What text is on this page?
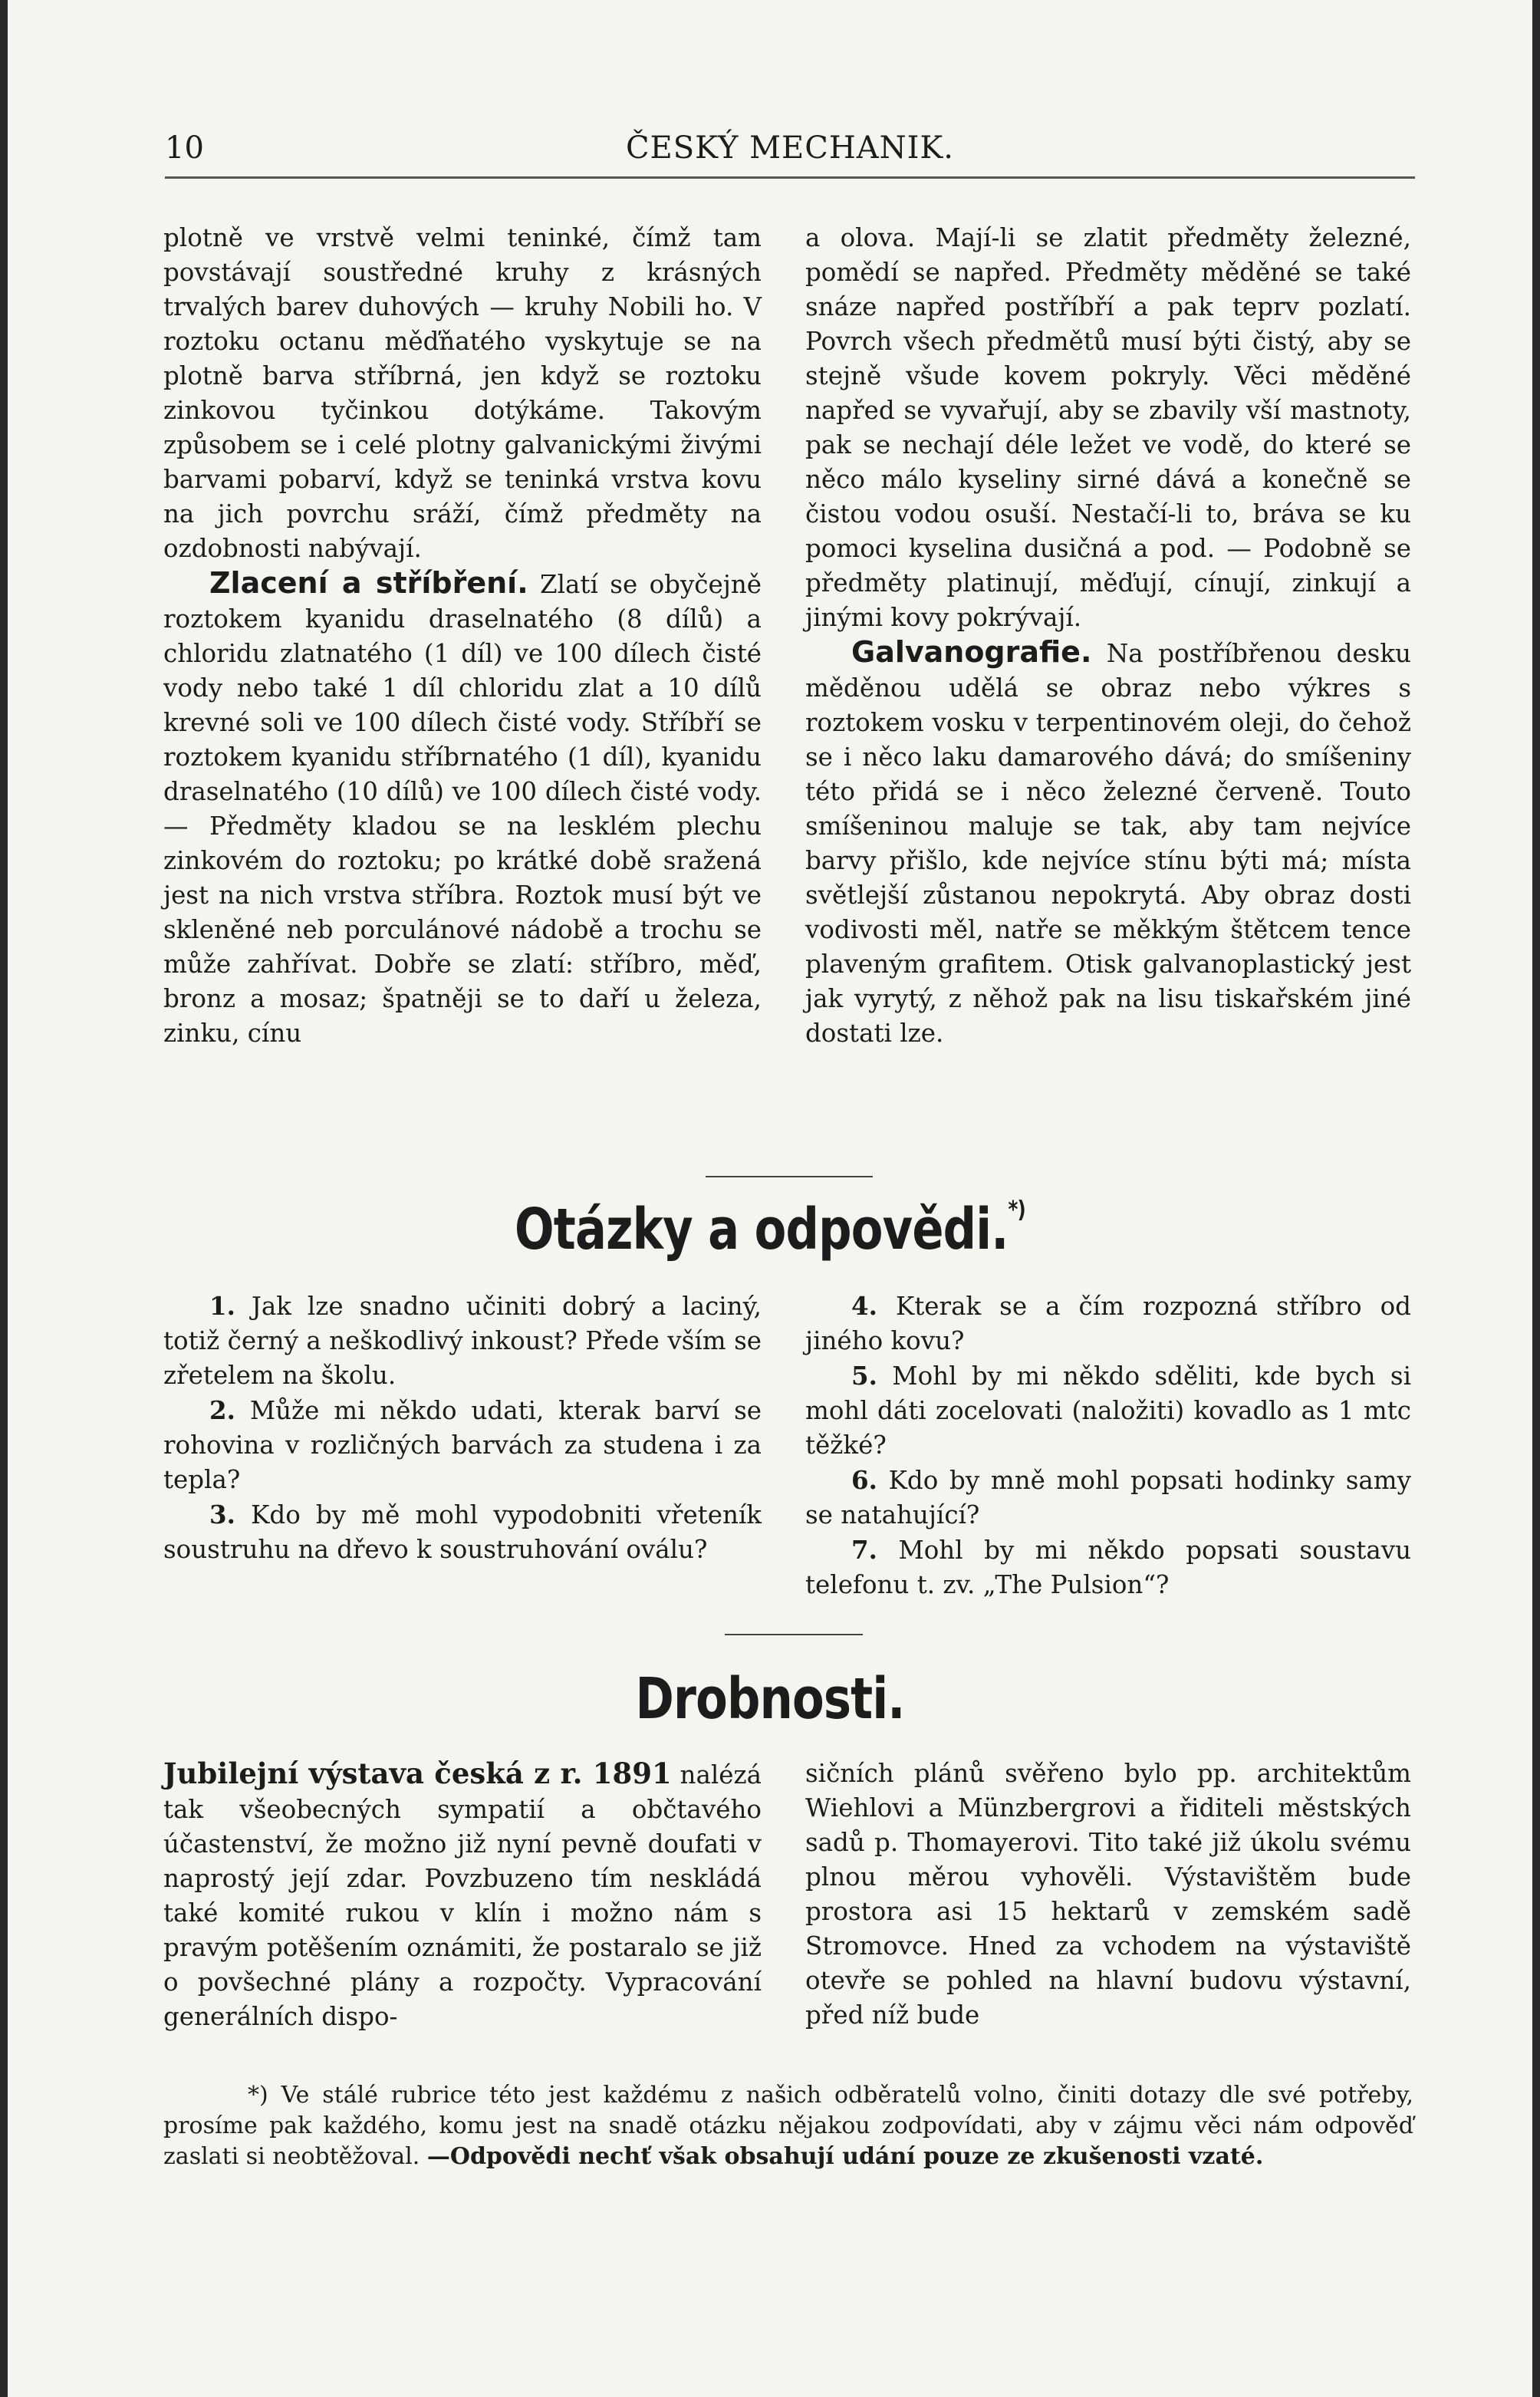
10	ČESKÝ MECHANIK.

plotně ve vrstvě velmi teninké, čímž tam povstávají soustředné kruhy z krásných trvalých barev duhových — kruhy Nobili ho. V roztoku octanu měďňatého vyskytuje se na plotně barva stříbrná, jen když se roztoku zinkovou tyčinkou dotýkáme. Takovým způsobem se i celé plotny galvanickými živými barvami pobarví, když se teninká vrstva kovu na jich povrchu sráží, čímž předměty na ozdobnosti nabývají.

Zlacení a stříbření. Zlatí se obyčejně roztokem kyanidu draselnatého (8 dílů) a chloridu zlatnatého (1 díl) ve 100 dílech čisté vody nebo také 1 díl chloridu zlat a 10 dílů krevné soli ve 100 dílech čisté vody. Stříbří se roztokem kyanidu stříbrnatého (1 díl), kyanidu draselnatého (10 dílů) ve 100 dílech čisté vody. — Předměty kladou se na lesklém plechu zinkovém do roztoku; po krátké době sražená jest na nich vrstva stříbra. Roztok musí být ve skleněné neb porculánové nádobě a trochu se může zahřívat. Dobře se zlatí: stříbro, měď, bronz a mosaz; špatněji se to daří u železa, zinku, cínu

a olova. Mají-li se zlatit předměty železné, pomědí se napřed. Předměty měděné se také snáze napřed postříbří a pak teprv pozlatí. Povrch všech předmětů musí býti čistý, aby se stejně všude kovem pokryly. Věci měděné napřed se vyvařují, aby se zbavily vší mastnoty, pak se nechají déle ležet ve vodě, do které se něco málo kyseliny sirné dává a konečně se čistou vodou osuší. Nestačí-li to, bráva se ku pomoci kyselina dusičná a pod. — Podobně se předměty platinují, měďují, cínují, zinkují a jinými kovy pokrývají.

Galvanografie. Na postříbřenou desku měděnou udělá se obraz nebo výkres s roztokem vosku v terpentinovém oleji, do čehož se i něco laku damarového dává; do smíšeniny této přidá se i něco železné červeně. Touto smíšeninou maluje se tak, aby tam nejvíce barvy přišlo, kde nejvíce stínu býti má; místa světlejší zůstanou nepokrytá. Aby obraz dosti vodivosti měl, natře se měkkým štětcem tence plaveným grafitem. Otisk galvanoplastický jest jak vyrytý, z něhož pak na lisu tiskařském jiné dostati lze.

Otázky a odpovědi.*)

1. Jak lze snadno učiniti dobrý a laciný, totiž černý a neškodlivý inkoust? Přede vším se zřetelem na školu.

2. Může mi někdo udati, kterak barví se rohovina v rozličných barvách za studena i za tepla?

3. Kdo by mě mohl vypodobniti vřeteník soustruhu na dřevo k soustruhování oválu?

4. Kterak se a čím rozpozná stříbro od jiného kovu?

5. Mohl by mi někdo sděliti, kde bych si mohl dáti zocelovati (naložiti) kovadlo as 1 mtc těžké?

6. Kdo by mně mohl popsati hodinky samy se natahující?

7. Mohl by mi někdo popsati soustavu telefonu t. zv. „The Pulsion“?

Drobnosti.

Jubilejní výstava česká z r. 1891 nalézá tak všeobecných sympatií a občtavého účastenství, že možno již nyní pevně doufati v naprostý její zdar. Povzbuzeno tím neskládá také komité rukou v klín i možno nám s pravým potěšením oznámiti, že postaralo se již o povšechné plány a rozpočty. Vypracování generálních dispo-

sičních plánů svěřeno bylo pp. architektům Wiehlovi a Münzbergrovi a řiditeli městských sadů p. Thomayerovi. Tito také již úkolu svému plnou měrou vyhověli. Výstavištěm bude prostora asi 15 hektarů v zemském sadě Stromovce. Hned za vchodem na výstaviště otevře se pohled na hlavní budovu výstavní, před níž bude

*) Ve stálé rubrice této jest každému z našich odběratelů volno, činiti dotazy dle své potřeby, prosíme pak každého, komu jest na snadě otázku nějakou zodpovídati, aby v zájmu věci nám odpověď zaslati si neobtěžoval. —Odpovědi nechť však obsahují udání pouze ze zkušenosti vzaté.
